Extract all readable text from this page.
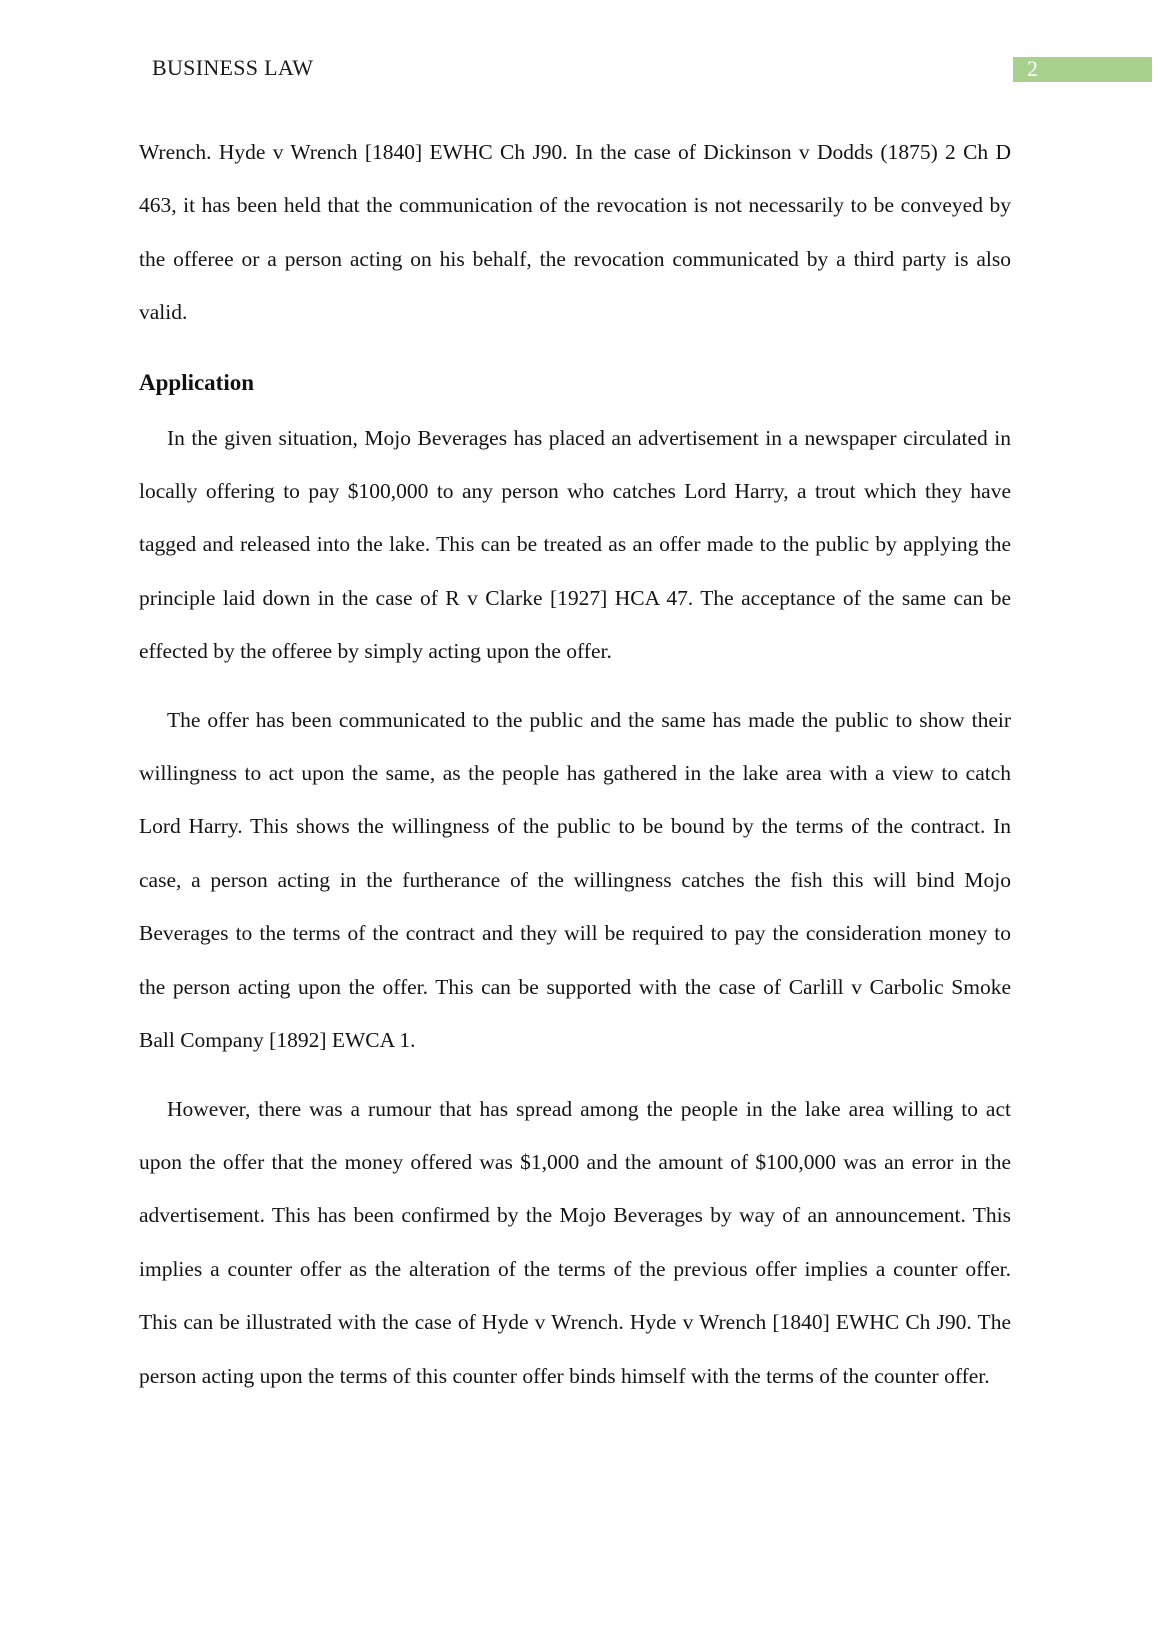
BUSINESS LAW	2

Wrench. Hyde v Wrench [1840] EWHC Ch J90. In the case of Dickinson v Dodds (1875) 2 Ch D 463, it has been held that the communication of the revocation is not necessarily to be conveyed by the offeree or a person acting on his behalf, the revocation communicated by a third party is also valid.

Application

In the given situation, Mojo Beverages has placed an advertisement in a newspaper circulated in locally offering to pay $100,000 to any person who catches Lord Harry, a trout which they have tagged and released into the lake. This can be treated as an offer made to the public by applying the principle laid down in the case of R v Clarke [1927] HCA 47. The acceptance of the same can be effected by the offeree by simply acting upon the offer.

The offer has been communicated to the public and the same has made the public to show their willingness to act upon the same, as the people has gathered in the lake area with a view to catch Lord Harry. This shows the willingness of the public to be bound by the terms of the contract. In case, a person acting in the furtherance of the willingness catches the fish this will bind Mojo Beverages to the terms of the contract and they will be required to pay the consideration money to the person acting upon the offer. This can be supported with the case of Carlill v Carbolic Smoke Ball Company [1892] EWCA 1.

However, there was a rumour that has spread among the people in the lake area willing to act upon the offer that the money offered was $1,000 and the amount of $100,000 was an error in the advertisement. This has been confirmed by the Mojo Beverages by way of an announcement. This implies a counter offer as the alteration of the terms of the previous offer implies a counter offer. This can be illustrated with the case of Hyde v Wrench. Hyde v Wrench [1840] EWHC Ch J90. The person acting upon the terms of this counter offer binds himself with the terms of the counter offer.
